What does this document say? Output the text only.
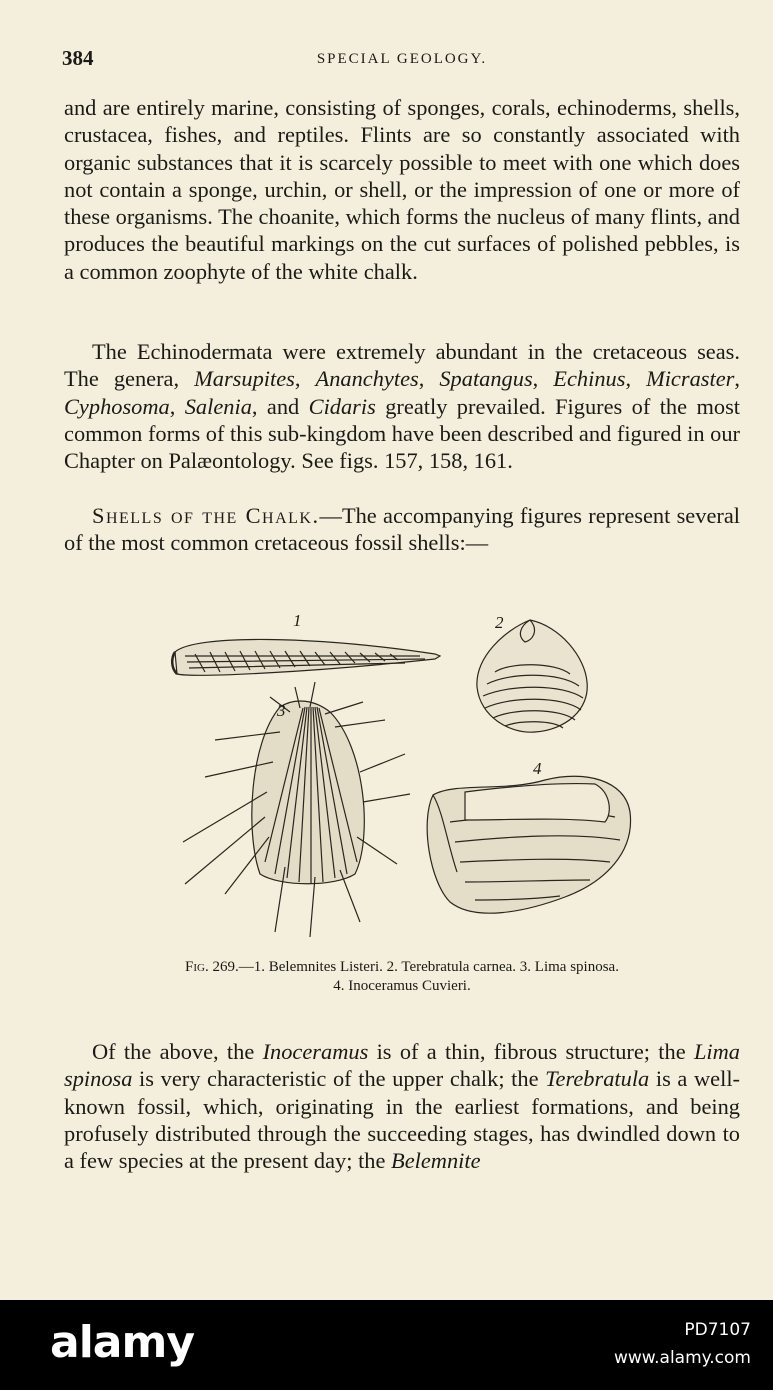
384	SPECIAL GEOLOGY.

and are entirely marine, consisting of sponges, corals, echinoderms, shells, crustacea, fishes, and reptiles. Flints are so constantly associated with organic substances that it is scarcely possible to meet with one which does not contain a sponge, urchin, or shell, or the impression of one or more of these organisms. The choanite, which forms the nucleus of many flints, and produces the beautiful markings on the cut surfaces of polished pebbles, is a common zoophyte of the white chalk.

The Echinodermata were extremely abundant in the cretaceous seas. The genera, Marsupites, Ananchytes, Spatangus, Echinus, Micraster, Cyphosoma, Salenia, and Cidaris greatly prevailed. Figures of the most common forms of this sub-kingdom have been described and figured in our Chapter on Palæontology. See figs. 157, 158, 161.

Shells of the Chalk.—The accompanying figures represent several of the most common cretaceous fossil shells:—

1	2
3
4
Fig. 269.—1. Belemnites Listeri. 2. Terebratula carnea. 3. Lima spinosa.
4. Inoceramus Cuvieri.

Of the above, the Inoceramus is of a thin, fibrous structure; the Lima spinosa is very characteristic of the upper chalk; the Terebratula is a well-known fossil, which, originating in the earliest formations, and being profusely distributed through the succeeding stages, has dwindled down to a few species at the present day; the Belemnite

alamy	PD7107
www.alamy.com
